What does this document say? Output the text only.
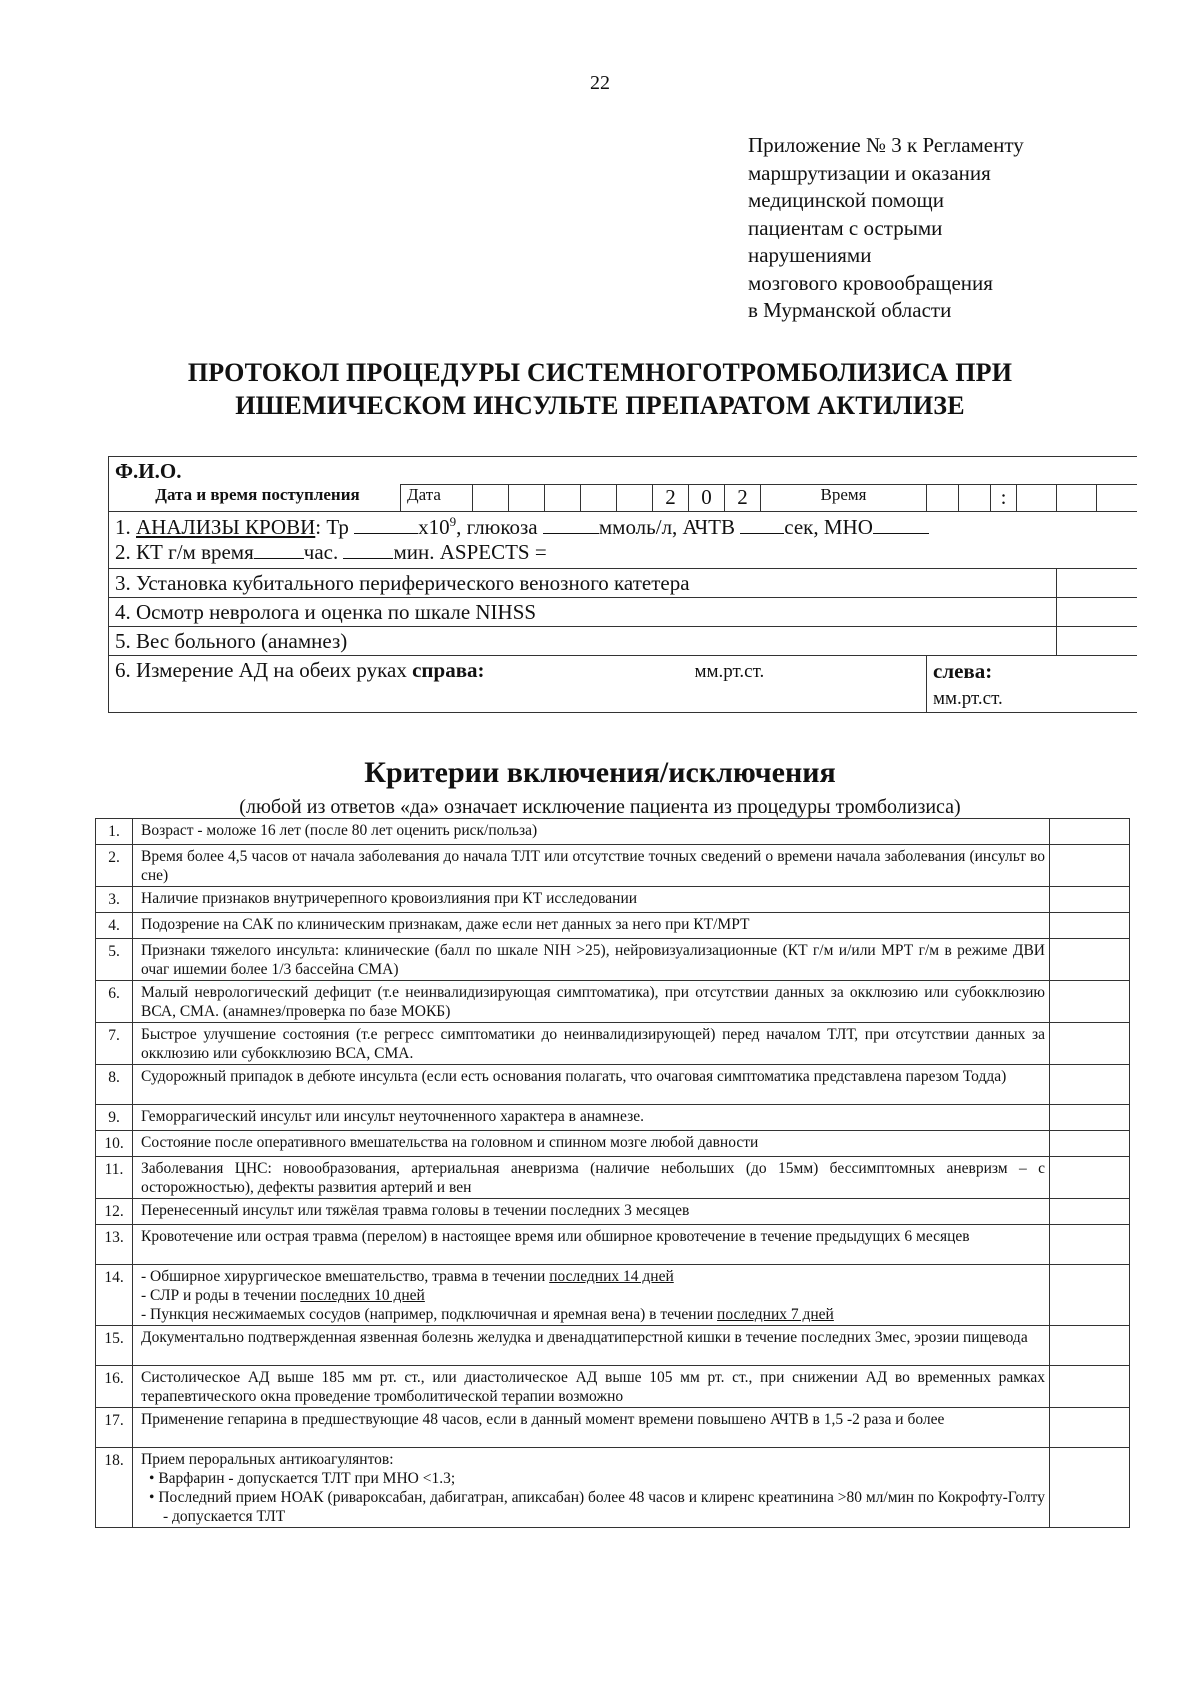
22
Приложение № 3 к Регламенту
маршрутизации и оказания
медицинской помощи
пациентам с острыми
нарушениями
мозгового кровообращения
в Мурманской области
ПРОТОКОЛ ПРОЦЕДУРЫ СИСТЕМНОГОТРОМБОЛИЗИСА ПРИ
ИШЕМИЧЕСКОМ ИНСУЛЬТЕ ПРЕПАРАТОМ АКТИЛИЗЕ
Ф.И.О.																
Дата и время поступления	Дата						2	0	2	Время			:			
1. АНАЛИЗЫ КРОВИ: Тр $х10^9$, глюкоза ммоль/л, АЧТВ сек, МНО																
2. КТ г/м время час. мин. ASPECTS =																
3. Установка кубитального периферического венозного катетера																
4. Осмотр невролога и оценка по шкале NIHSS																
5. Вес больного (анамнез)																
6. Измерение АД на обеих руках справа:								мм.рт.ст.			слева:
мм.рт.ст.					
Критерии включения/исключения
(любой из ответов «да» означает исключение пациента из процедуры тромболизиса)
1.	Возраст - моложе 16 лет (после 80 лет оценить риск/польза)	
2.	Время более 4,5 часов от начала заболевания до начала ТЛТ или отсутствие точных сведений о времени начала заболевания (инсульт во сне)	
3.	Наличие признаков внутричерепного кровоизлияния при КТ исследовании	
4.	Подозрение на САК по клиническим признакам, даже если нет данных за него при КТ/МРТ	
5.	Признаки тяжелого инсульта: клинические (балл по шкале NIH >25), нейровизуализационные (КТ г/м и/или МРТ г/м в режиме ДВИ очаг ишемии более 1/3 бассейна СМА)	
6.	Малый неврологический дефицит (т.е неинвалидизирующая симптоматика), при отсутствии данных за окклюзию или субокклюзию ВСА, СМА. (анамнез/проверка по базе МОКБ)	
7.	Быстрое улучшение состояния (т.е регресс симптоматики до неинвалидизирующей) перед началом ТЛТ, при отсутствии данных за окклюзию или субокклюзию ВСА, СМА.	
8.	Судорожный припадок в дебюте инсульта (если есть основания полагать, что очаговая симптоматика представлена парезом Тодда)	
9.	Геморрагический инсульт или инсульт неуточненного характера в анамнезе.	
10.	Состояние после оперативного вмешательства на головном и спинном мозге любой давности	
11.	Заболевания ЦНС: новообразования, артериальная аневризма (наличие небольших (до 15мм) бессимптомных аневризм – с осторожностью), дефекты развития артерий и вен	
12.	Перенесенный инсульт или тяжёлая травма головы в течении последних 3 месяцев	
13.	Кровотечение или острая травма (перелом) в настоящее время или обширное кровотечение в течение предыдущих 6 месяцев	
14.	- Обширное хирургическое вмешательство, травма в течении последних 14 дней
- СЛР и роды в течении последних 10 дней
- Пункция несжимаемых сосудов (например, подключичная и яремная вена) в течении последних 7 дней	

15.	Документально подтвержденная язвенная болезнь желудка и двенадцатиперстной кишки в течение последних 3мес, эрозии пищевода	
16.	Систолическое АД выше 185 мм рт. ст., или диастолическое АД выше 105 мм рт. ст., при снижении АД во временных рамках терапевтического окна проведение тромболитической терапии возможно	
17.	Применение гепарина в предшествующие 48 часов, если в данный момент времени повышено АЧТВ в 1,5 -2 раза и более	
18.	Прием пероральных антикоагулянтов:
• Варфарин - допускается ТЛТ при МНО <1.3;
• Последний прием НОАК (ривароксабан, дабигатран, апиксабан) более 48 часов и клиренс креатинина >80 мл/мин по Кокрофту-Голту - допускается ТЛТ	
